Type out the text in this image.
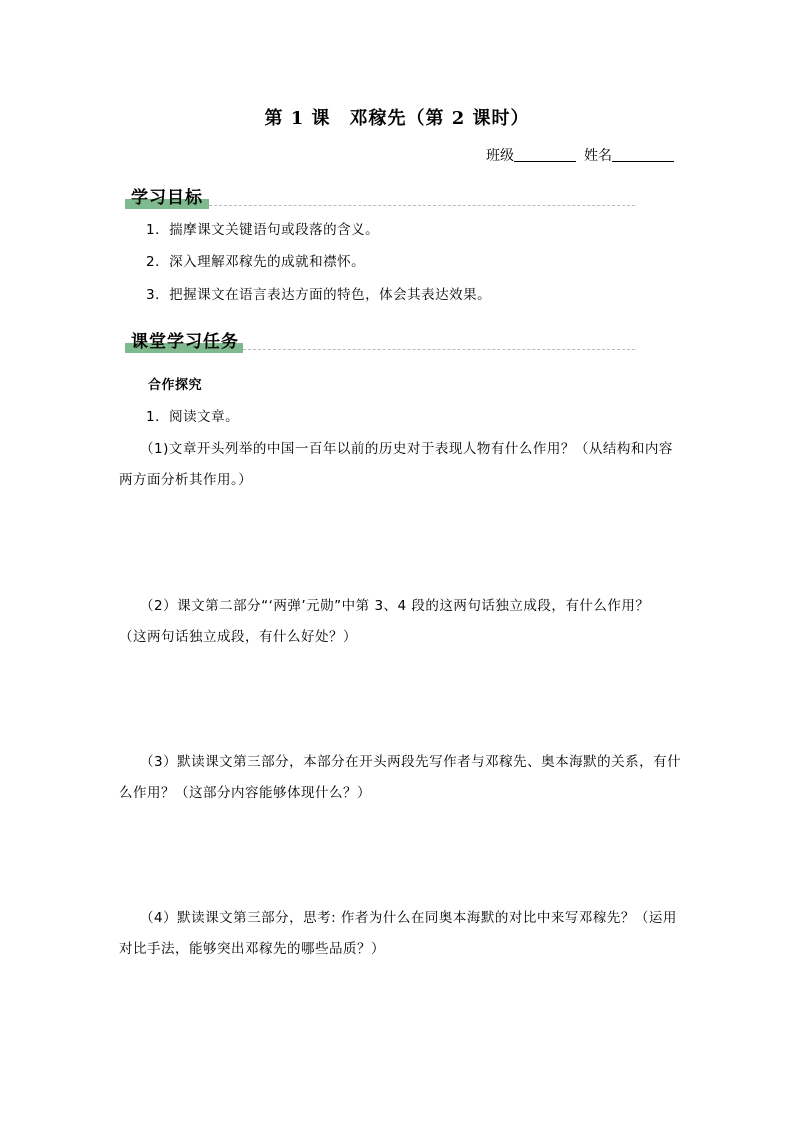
第 1 课　邓稼先（第 2 课时）
班级	姓名
学习目标
1．揣摩课文关键语句或段落的含义。
2．深入理解邓稼先的成就和襟怀。
3．把握课文在语言表达方面的特色，体会其表达效果。
课堂学习任务
合作探究
1．阅读文章。
（1)文章开头列举的中国一百年以前的历史对于表现人物有什么作用？（从结构和内容
两方面分析其作用。）
（2）课文第二部分“‘两弹’元勋”中第 3、4 段的这两句话独立成段，有什么作用？
（这两句话独立成段，有什么好处？）
（3）默读课文第三部分，本部分在开头两段先写作者与邓稼先、奥本海默的关系，有什
么作用？（这部分内容能够体现什么？）
（4）默读课文第三部分，思考: 作者为什么在同奥本海默的对比中来写邓稼先？（运用
对比手法，能够突出邓稼先的哪些品质？）
